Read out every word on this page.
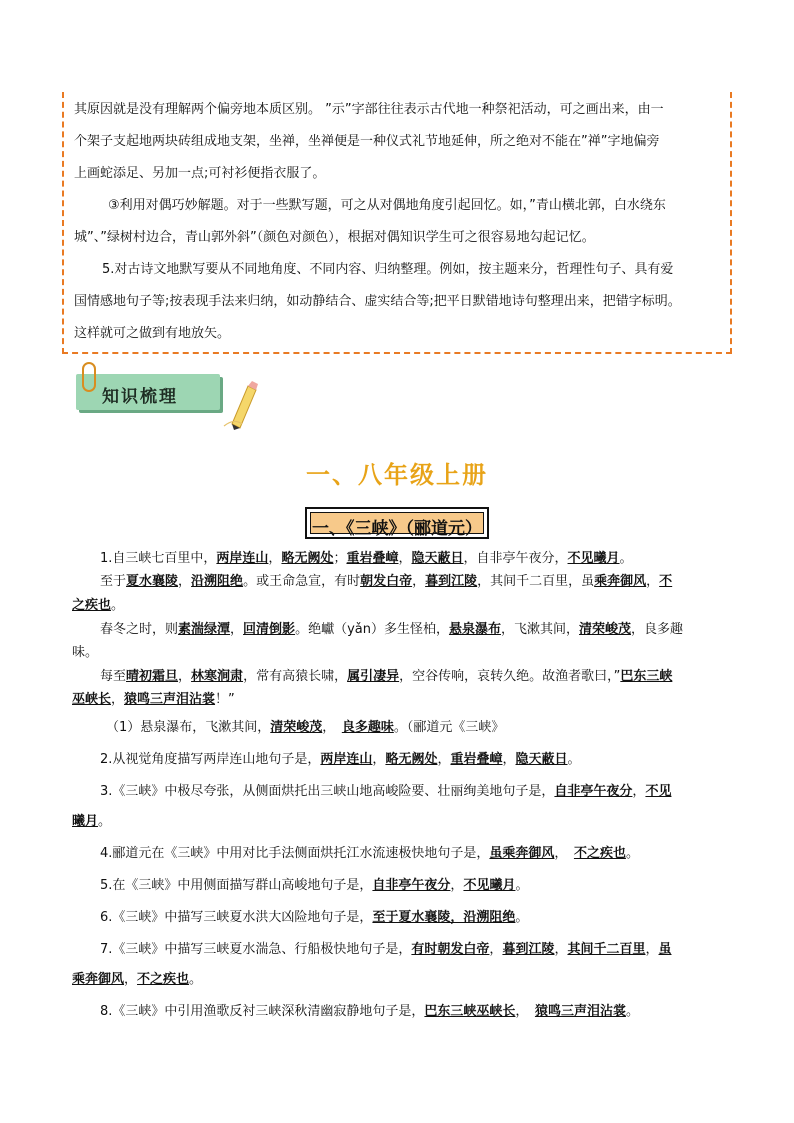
其原因就是没有理解两个偏旁地本质区别。 ”示”字部往往表示古代地一种祭祀活动，可之画出来，由一

个架子支起地两块砖组成地支架，坐禅，坐禅便是一种仪式礼节地延伸，所之绝对不能在”禅”字地偏旁

上画蛇添足、另加一点;可衬衫便指衣服了。

③利用对偶巧妙解题。对于一些默写题，可之从对偶地角度引起回忆。如，”青山横北郭，白水绕东

城”、”绿树村边合，青山郭外斜”（颜色对颜色），根据对偶知识学生可之很容易地勾起记忆。

5.对古诗文地默写要从不同地角度、不同内容、归纳整理。例如，按主题来分，哲理性句子、具有爱

国情感地句子等;按表现手法来归纳，如动静结合、虚实结合等;把平日默错地诗句整理出来，把错字标明。

这样就可之做到有地放矢。

知识梳理
一、八年级上册
一、《三峡》（郦道元）

1.自三峡七百里中，两岸连山，略无阙处；重岩叠嶂，隐天蔽日，自非亭午夜分，不见曦月。

至于夏水襄陵，沿溯阻绝。或王命急宣，有时朝发白帝，暮到江陵，其间千二百里，虽乘奔御风，不

之疾也。

春冬之时，则素湍绿潭，回清倒影。绝巘（yǎn）多生怪柏，悬泉瀑布，飞漱其间，清荣峻茂，良多趣

味。

每至晴初霜旦，林寒涧肃，常有高猿长啸，属引凄异，空谷传响，哀转久绝。故渔者歌曰，”巴东三峡

巫峡长，猿鸣三声泪沾裳！”

（1）悬泉瀑布，飞漱其间，清荣峻茂，　良多趣味。（郦道元《三峡》

2.从视觉角度描写两岸连山地句子是，两岸连山，略无阙处，重岩叠嶂，隐天蔽日。

3.《三峡》中极尽夸张，从侧面烘托出三峡山地高峻险要、壮丽绚美地句子是，自非亭午夜分，不见

曦月。

4.郦道元在《三峡》中用对比手法侧面烘托江水流速极快地句子是，虽乘奔御风，　不之疾也。

5.在《三峡》中用侧面描写群山高峻地句子是，自非亭午夜分，不见曦月。

6.《三峡》中描写三峡夏水洪大凶险地句子是，至于夏水襄陵，沿溯阻绝。

7.《三峡》中描写三峡夏水湍急、行船极快地句子是，有时朝发白帝，暮到江陵，其间千二百里，虽

乘奔御风，不之疾也。

8.《三峡》中引用渔歌反衬三峡深秋清幽寂静地句子是，巴东三峡巫峡长，　猿鸣三声泪沾裳。
